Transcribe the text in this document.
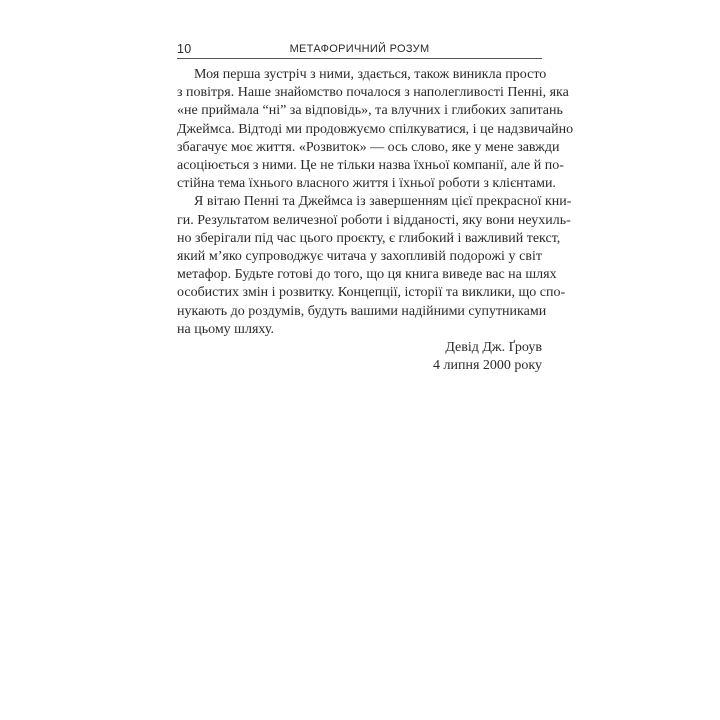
10	МЕТАФОРИЧНИЙ РОЗУМ

Моя перша зустріч з ними, здається, також виникла просто

з повітря. Наше знайомство почалося з наполегливості Пенні, яка

«не приймала “ні” за відповідь», та влучних і глибоких запитань

Джеймса. Відтоді ми продовжуємо спілкуватися, і це надзвичайно

збагачує моє життя. «Розвиток» — ось слово, яке у мене завжди

асоціюється з ними. Це не тільки назва їхньої компанії, але й по-

стійна тема їхнього власного життя і їхньої роботи з клієнтами.

Я вітаю Пенні та Джеймса із завершенням цієї прекрасної кни-

ги. Результатом величезної роботи і відданості, яку вони неухиль-

но зберігали під час цього проєкту, є глибокий і важливий текст,

який м’яко супроводжує читача у захопливій подорожі у світ

метафор. Будьте готові до того, що ця книга виведе вас на шлях

особистих змін і розвитку. Концепції, історії та виклики, що спо-

нукають до роздумів, будуть вашими надійними супутниками

на цьому шляху.

Девід Дж. Ґроув
4 липня 2000 року
